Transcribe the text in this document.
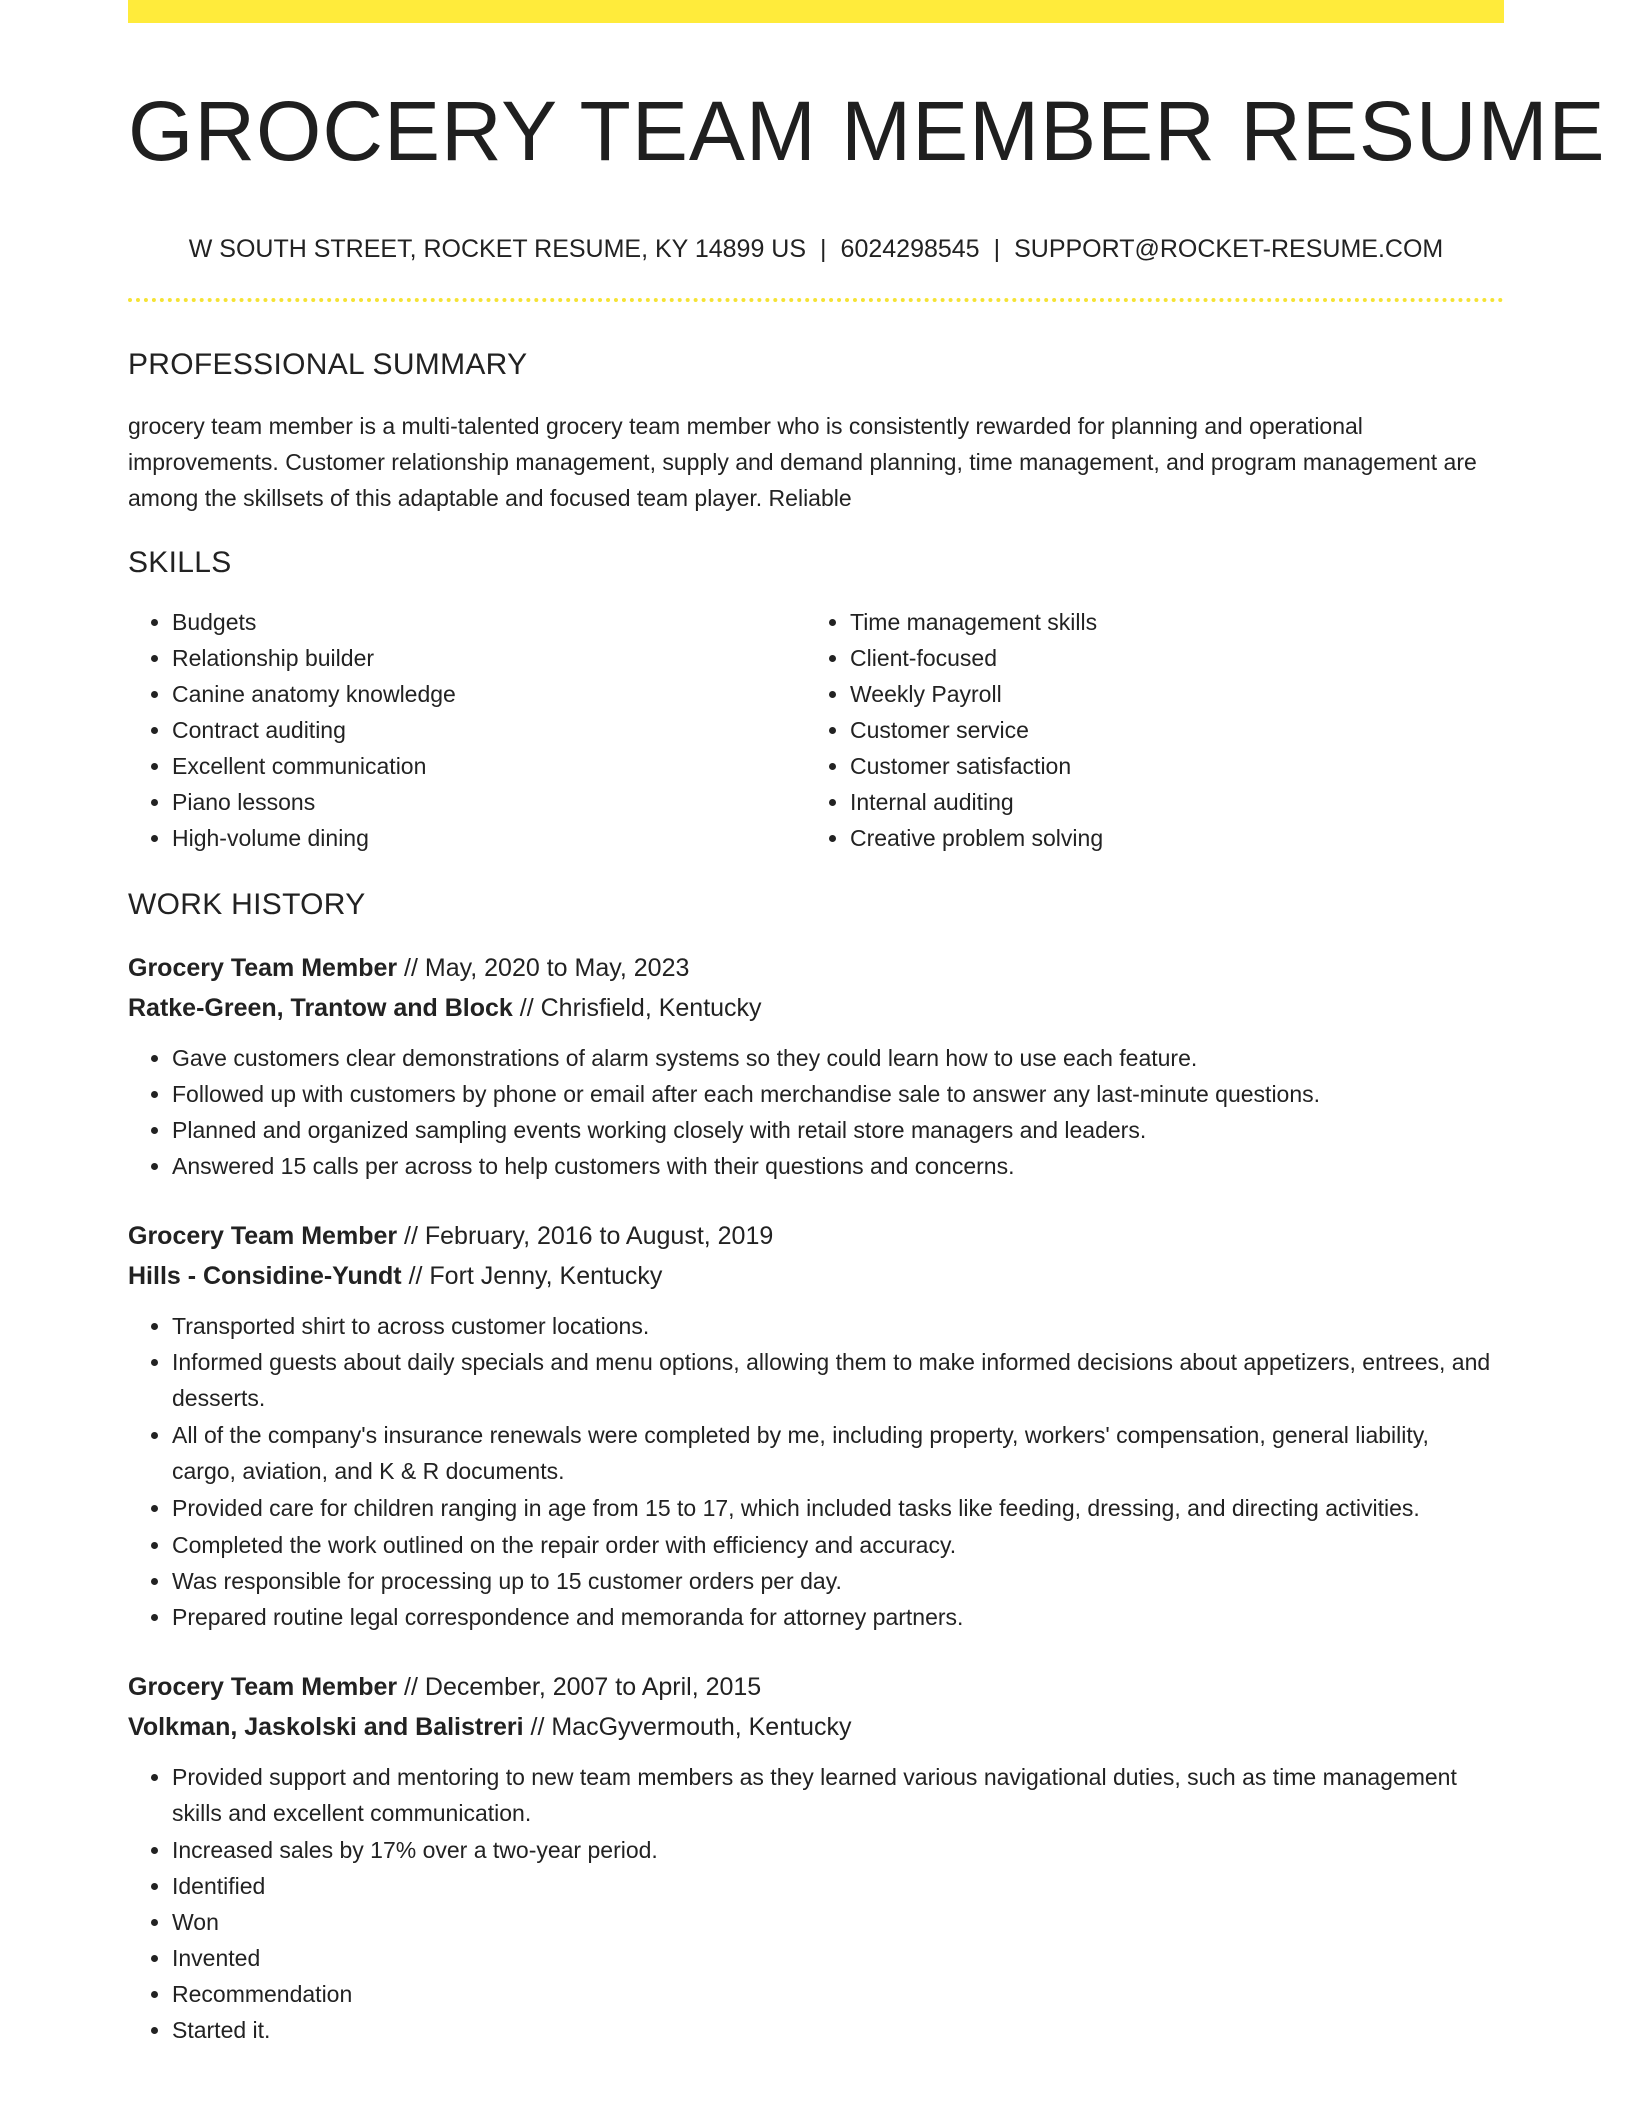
GROCERY TEAM MEMBER RESUME
W SOUTH STREET, ROCKET RESUME, KY 14899 US | 6024298545 | SUPPORT@ROCKET-RESUME.COM
PROFESSIONAL SUMMARY

grocery team member is a multi-talented grocery team member who is consistently rewarded for planning and operational improvements. Customer relationship management, supply and demand planning, time management, and program management are among the skillsets of this adaptable and focused team player. Reliable

SKILLS
• Budgets
• Relationship builder
• Canine anatomy knowledge
• Contract auditing
• Excellent communication
• Piano lessons
• High-volume dining
• Time management skills
• Client-focused
• Weekly Payroll
• Customer service
• Customer satisfaction
• Internal auditing
• Creative problem solving
WORK HISTORY
Grocery Team Member // May, 2020 to May, 2023
Ratke-Green, Trantow and Block // Chrisfield, Kentucky
• Gave customers clear demonstrations of alarm systems so they could learn how to use each feature.
• Followed up with customers by phone or email after each merchandise sale to answer any last-minute questions.
• Planned and organized sampling events working closely with retail store managers and leaders.
• Answered 15 calls per across to help customers with their questions and concerns.
Grocery Team Member // February, 2016 to August, 2019
Hills - Considine-Yundt // Fort Jenny, Kentucky
• Transported shirt to across customer locations.
• Informed guests about daily specials and menu options, allowing them to make informed decisions about appetizers, entrees, and desserts.
• All of the company's insurance renewals were completed by me, including property, workers' compensation, general liability, cargo, aviation, and K & R documents.
• Provided care for children ranging in age from 15 to 17, which included tasks like feeding, dressing, and directing activities.
• Completed the work outlined on the repair order with efficiency and accuracy.
• Was responsible for processing up to 15 customer orders per day.
• Prepared routine legal correspondence and memoranda for attorney partners.
Grocery Team Member // December, 2007 to April, 2015
Volkman, Jaskolski and Balistreri // MacGyvermouth, Kentucky
• Provided support and mentoring to new team members as they learned various navigational duties, such as time management skills and excellent communication.
• Increased sales by 17% over a two-year period.
• Identified
• Won
• Invented
• Recommendation
• Started it.
